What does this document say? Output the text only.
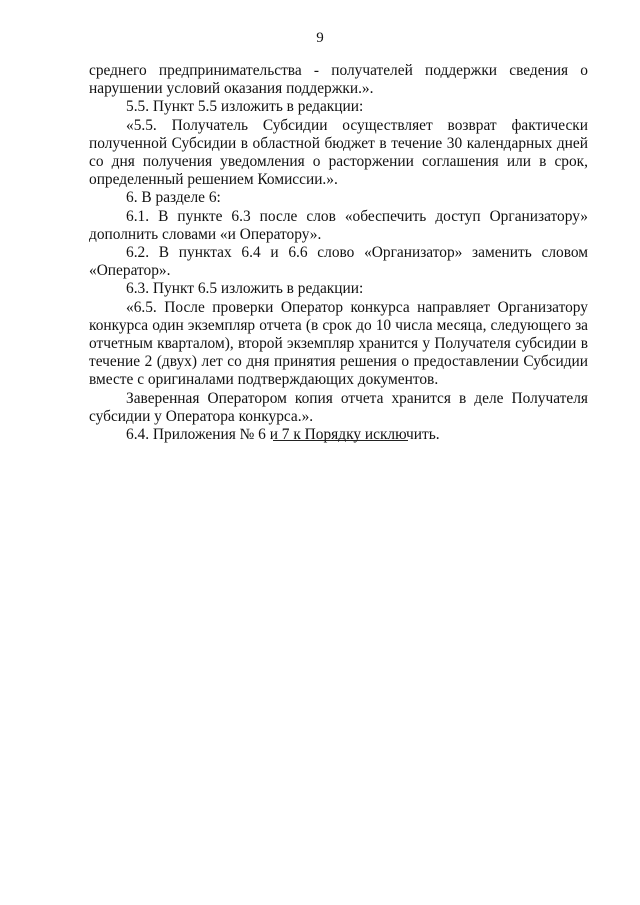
9

среднего предпринимательства - получателей поддержки сведения о нарушении условий оказания поддержки.».

5.5. Пункт 5.5 изложить в редакции:

«5.5. Получатель Субсидии осуществляет возврат фактически полученной Субсидии в областной бюджет в течение 30 календарных дней со дня получения уведомления о расторжении соглашения или в срок, определенный решением Комиссии.».

6. В разделе 6:

6.1. В пункте 6.3 после слов «обеспечить доступ Организатору» дополнить словами «и Оператору».

6.2. В пунктах 6.4 и 6.6 слово «Организатор» заменить словом «Оператор».

6.3. Пункт 6.5 изложить в редакции:

«6.5. После проверки Оператор конкурса направляет Организатору конкурса один экземпляр отчета (в срок до 10 числа месяца, следующего за отчетным кварталом), второй экземпляр хранится у Получателя субсидии в течение 2 (двух) лет со дня принятия решения о предоставлении Субсидии вместе с оригиналами подтверждающих документов.

Заверенная Оператором копия отчета хранится в деле Получателя субсидии у Оператора конкурса.».

6.4. Приложения № 6 и 7 к Порядку исключить.
